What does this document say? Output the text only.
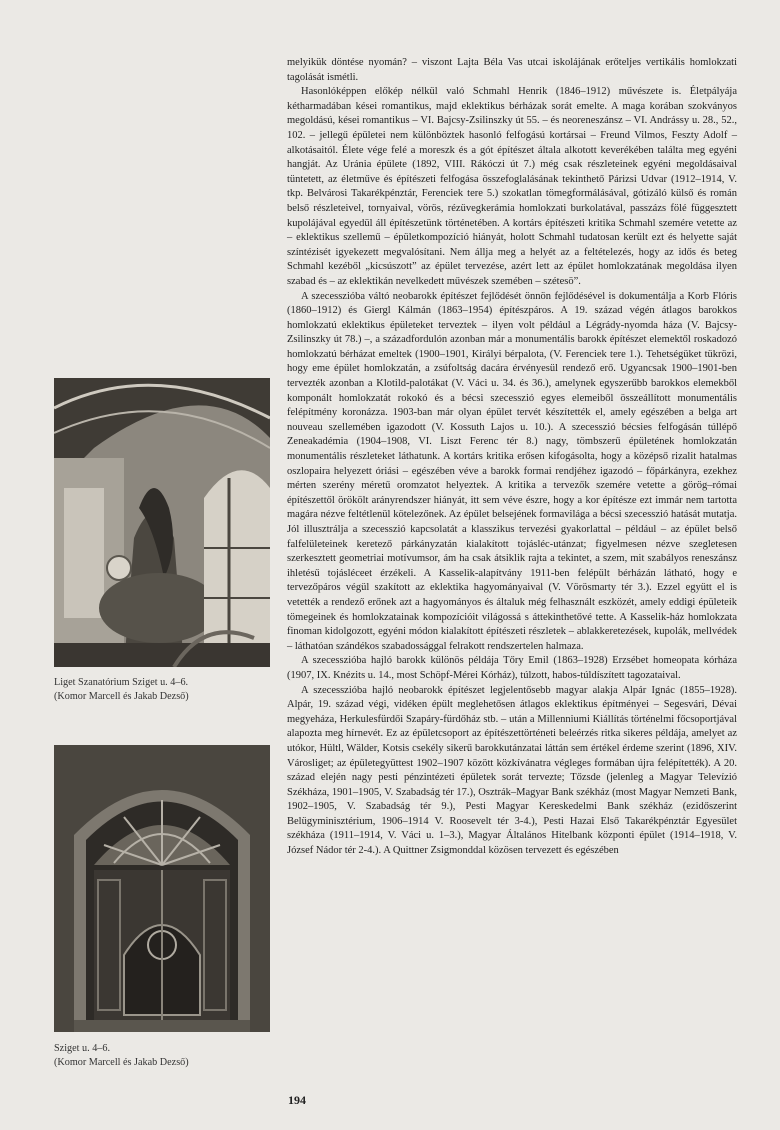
Liget Szanatórium Sziget u. 4–6.
(Komor Marcell és Jakab Dezső)
Sziget u. 4–6.
(Komor Marcell és Jakab Dezső)

melyikük döntése nyomán? – viszont Lajta Béla Vas utcai iskolájának erőteljes vertikális homlokzati tagolását ismétli.

Hasonlóképpen előkép nélkül való Schmahl Henrik (1846–1912) művészete is. Életpályája kétharmadában kései romantikus, majd eklektikus bérházak sorát emelte. A maga korában szokványos megoldású, kései romantikus – VI. Bajcsy-Zsilinszky út 55. – és neoreneszánsz – VI. Andrássy u. 28., 52., 102. – jellegű épületei nem különböztek hasonló felfogású kortársai – Freund Vilmos, Feszty Adolf – alkotásaitól. Élete vége felé a moreszk és a gót építészet általa alkotott keverékében találta meg egyéni hangját. Az Uránia épülete (1892, VIII. Rákóczi út 7.) még csak részleteinek egyéni megoldásaival tüntetett, az életműve és építészeti felfogása összefoglalásának tekinthető Párizsi Udvar (1912–1914, V. tkp. Belvárosi Takarékpénztár, Ferenciek tere 5.) szokatlan tömegformálásával, gótizáló külső és román belső részleteivel, tornyaival, vörös, rézüvegkerámia homlokzati burkolatával, passzázs fölé függesztett kupolájával egyedül áll építészetünk történetében. A kortárs építészeti kritika Schmahl szemére vetette az – eklektikus szellemű – épületkompozíció hiányát, holott Schmahl tudatosan került ezt és helyette saját színtézisét igyekezett megvalósítani. Nem állja meg a helyét az a feltételezés, hogy az idős és beteg Schmahl kezéből „kicsúszott” az épület tervezése, azért lett az épület homlokzatának megoldása ilyen szabad és – az eklektikán nevelkedett művészek szemében – szétesö”.

A szecesszióba váltó neobarokk építészet fejlődését önnön fejlődésével is dokumentálja a Korb Flóris (1860–1912) és Giergl Kálmán (1863–1954) építészpáros. A 19. század végén átlagos barokkos homlokzatú eklektikus épületeket terveztek – ilyen volt például a Légrády-nyomda háza (V. Bajcsy-Zsilinszky út 78.) –, a századfordulón azonban már a monumentális barokk építészet elemektől roskadozó homlokzatú bérházat emeltek (1900–1901, Királyi bérpalota, (V. Ferenciek tere 1.). Tehetségüket tükrözi, hogy eme épület homlokzatán, a zsúfoltság dacára érvényesül rendező erő. Ugyancsak 1900–1901-ben tervezték azonban a Klotild-palotákat (V. Váci u. 34. és 36.), amelynek egyszerűbb barokkos elemekből komponált homlokzatát rokokó és a bécsi szecesszió egyes elemeiből összeállított monumentális felépítmény koronázza. 1903-ban már olyan épület tervét készítették el, amely egészében a belga art nouveau szellemében igazodott (V. Kossuth Lajos u. 10.). A szecesszió bécsies felfogásán túllépő Zeneakadémia (1904–1908, VI. Liszt Ferenc tér 8.) nagy, tömbszerű épületének homlokzatán monumentális részleteket láthatunk. A kortárs kritika erősen kifogásolta, hogy a középső rizalit hatalmas oszlopaira helyezett óriási – egészében véve a barokk formai rendjéhez igazodó – főpárkányra, ezekhez mérten szerény méretű oromzatot helyeztek. A kritika a tervezők szemére vetette a görög–római építészettől örökölt arányrendszer hiányát, itt sem véve észre, hogy a kor építésze ezt immár nem tartotta magára nézve feltétlenül kötelezőnek. Az épület belsejének formavilága a bécsi szecesszió hatását mutatja. Jól illusztrálja a szecesszió kapcsolatát a klasszikus tervezési gyakorlattal – például – az épület belső falfelületeinek keretező párkányzatán kialakított tojásléc-utánzat; figyelmesen nézve szegletesen szerkesztett geometriai motívumsor, ám ha csak átsiklik rajta a tekintet, a szem, mit szabályos reneszánsz ihletésű tojásléceet érzékeli. A Kasselik-alapítvány 1911-ben felépült bérházán látható, hogy e tervezőpáros végül szakított az eklektika hagyományaival (V. Vörösmarty tér 3.). Ezzel együtt el is vetették a rendező erőnek azt a hagyományos és általuk még felhasznált eszközét, amely eddigi épületeik tömegeinek és homlokzatainak kompozícióit világossá s áttekinthetővé tette. A Kasselik-ház homlokzata finoman kidolgozott, egyéni módon kialakított építészeti részletek – ablakkeretezések, kupolák, mellvédek – láthatóan szándékos szabadossággal felrakott rendszertelen halmaza.

A szecesszióba hajló barokk különös példája Tőry Emil (1863–1928) Erzsébet homeopata kórháza (1907, IX. Knézits u. 14., most Schöpf-Mérei Kórház), túlzott, habos-túldíszített tagozataival.

A szecesszióba hajló neobarokk építészet legjelentősebb magyar alakja Alpár Ignác (1855–1928). Alpár, 19. század végi, vidéken épült meglehetősen átlagos eklektikus építményei – Segesvári, Dévai megyeháza, Herkulesfürdői Szapáry-fürdőház stb. – után a Millenniumi Kiállítás történelmi főcsoportjával alapozta meg hírnevét. Ez az épületcsoport az építészettörténeti beleérzés ritka sikeres példája, amelyet az utókor, Hültl, Wälder, Kotsis csekély sikerű barokkutánzatai láttán sem értékel érdeme szerint (1896, XIV. Városliget; az épületegyüttest 1902–1907 között közkívánatra végleges formában újra felépítették). A 20. század elején nagy pesti pénzintézeti épületek sorát tervezte; Tőzsde (jelenleg a Magyar Televízió Székháza, 1901–1905, V. Szabadság tér 17.), Osztrák–Magyar Bank székház (most Magyar Nemzeti Bank, 1902–1905, V. Szabadság tér 9.), Pesti Magyar Kereskedelmi Bank székház (ezidőszerint Belügyminisztérium, 1906–1914 V. Roosevelt tér 3-4.), Pesti Hazai Első Takarékpénztár Egyesület székháza (1911–1914, V. Váci u. 1–3.), Magyar Általános Hitelbank központi épület (1914–1918, V. József Nádor tér 2-4.). A Quittner Zsigmonddal közösen tervezett és egészében

194
